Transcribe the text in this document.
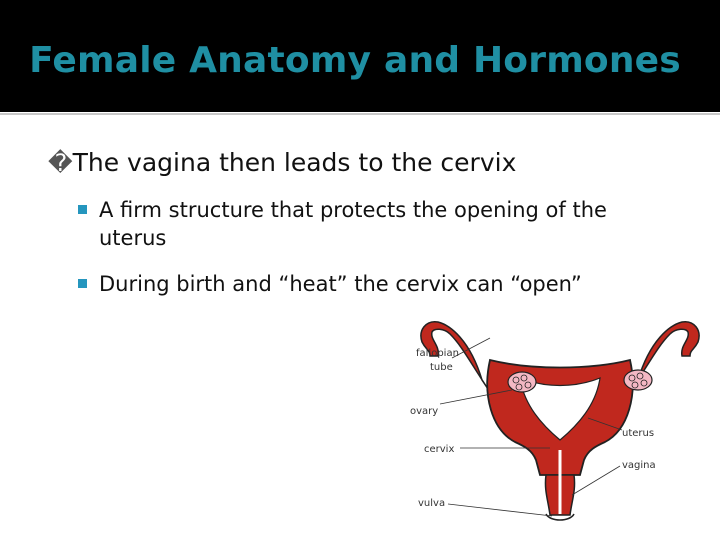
Female Anatomy and Hormones
�The vagina then leads to the cervix
A firm structure that protects the opening of the uterus
During birth and “heat” the cervix can “open”
fallopian
tube
ovary
uterus
cervix
vagina
vulva
